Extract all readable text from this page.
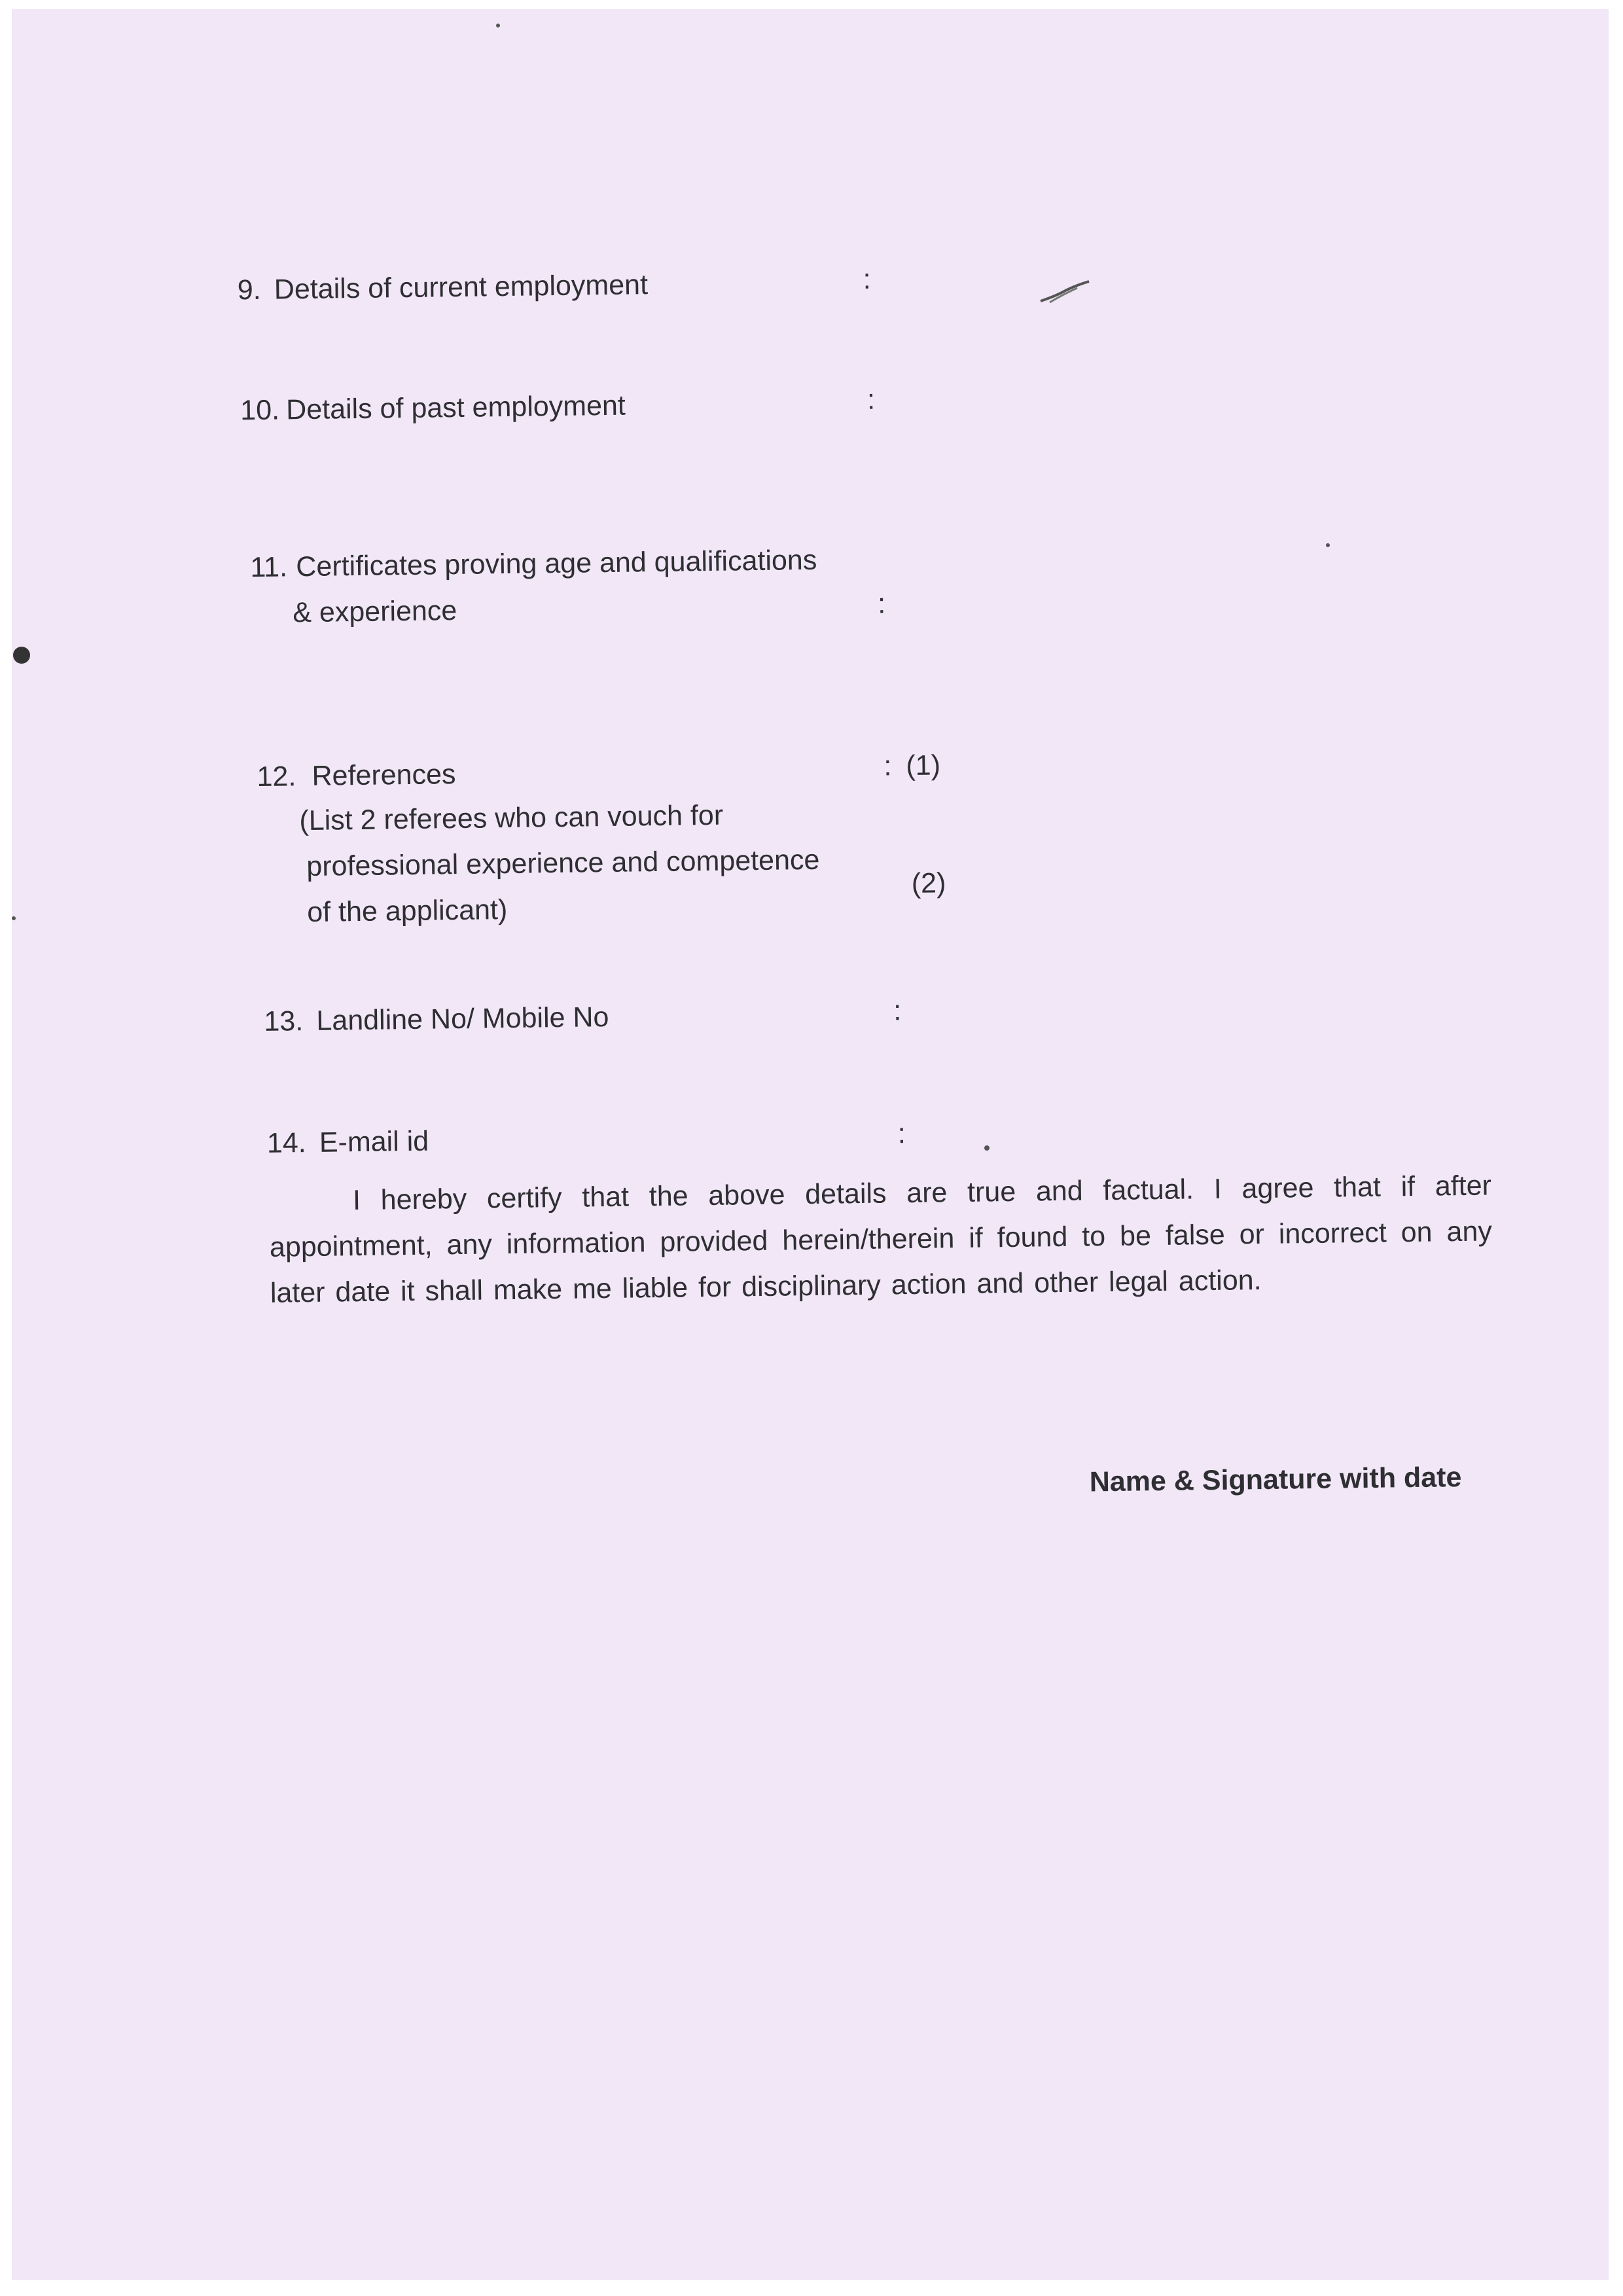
9. Details of current employment	:
10. Details of past employment	:
11. Certificates proving age and qualifications
& experience	:
12. References	: (1)
(List 2 referees who can vouch for
professional experience and competence
of the applicant)
(2)
13. Landline No/ Mobile No	:
14. E-mail id	:
I hereby certify that the above details are true and factual. I agree that if after appointment, any information provided herein/therein if found to be false or incorrect on any later date it shall make me liable for disciplinary action and other legal action.
Name & Signature with date
